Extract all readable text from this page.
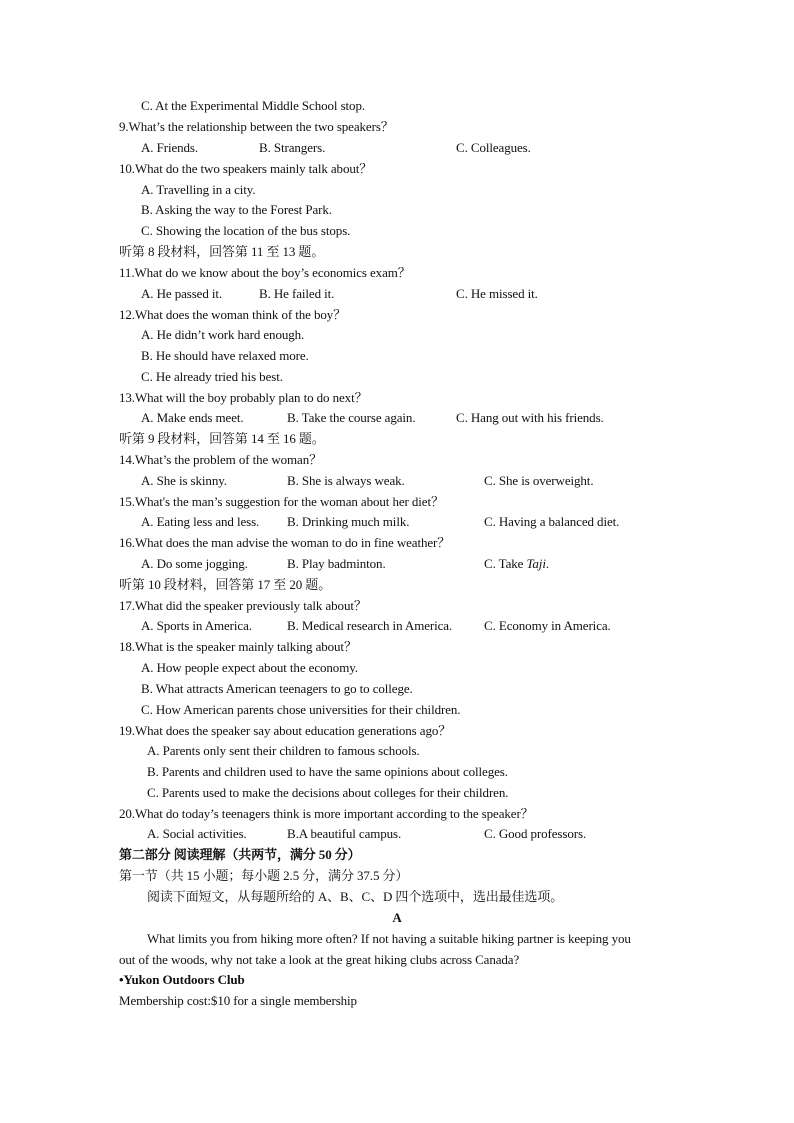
C. At the Experimental Middle School stop.
9.What’s the relationship between the two speakers？
A. Friends.	B. Strangers.	C. Colleagues.
10.What do the two speakers mainly talk about？
A. Travelling in a city.
B. Asking the way to the Forest Park.
C. Showing the location of the bus stops.
听第 8 段材料，回答第 11 至 13 题。
11.What do we know about the boy’s economics exam？
A. He passed it.	B. He failed it.	C. He missed it.
12.What does the woman think of the boy？
A. He didn’t work hard enough.
B. He should have relaxed more.
C. He already tried his best.
13.What will the boy probably plan to do next？
A. Make ends meet.	B. Take the course again.	C. Hang out with his friends.
听第 9 段材料，回答第 14 至 16 题。
14.What’s the problem of the woman？
A. She is skinny.	B. She is always weak.	C. She is overweight.
15.What's the man’s suggestion for the woman about her diet？
A. Eating less and less. B. Drinking much milk.	C. Having a balanced diet.
16.What does the man advise the woman to do in fine weather？
A. Do some jogging.	B. Play badminton.	C. Take Taji.
听第 10 段材料，回答第 17 至 20 题。
17.What did the speaker previously talk about？
A. Sports in America.	B. Medical research in America. C. Economy in America.
18.What is the speaker mainly talking about？
A. How people expect about the economy.
B. What attracts American teenagers to go to college.
C. How American parents chose universities for their children.
19.What does the speaker say about education generations ago？
A. Parents only sent their children to famous schools.
B. Parents and children used to have the same opinions about colleges.
C. Parents used to make the decisions about colleges for their children.
20.What do today’s teenagers think is more important according to the speaker？
A. Social activities.	B.A beautiful campus.	C. Good professors.
第二部分 阅读理解（共两节，满分 50 分）
第一节（共 15 小题；每小题 2.5 分，满分 37.5 分）
阅读下面短文，从每题所给的 A、B、C、D 四个选项中，选出最佳选项。
A
What limits you from hiking more often? If not having a suitable hiking partner is keeping you
out of the woods, why not take a look at the great hiking clubs across Canada?
•Yukon Outdoors Club
Membership cost:$10 for a single membership
